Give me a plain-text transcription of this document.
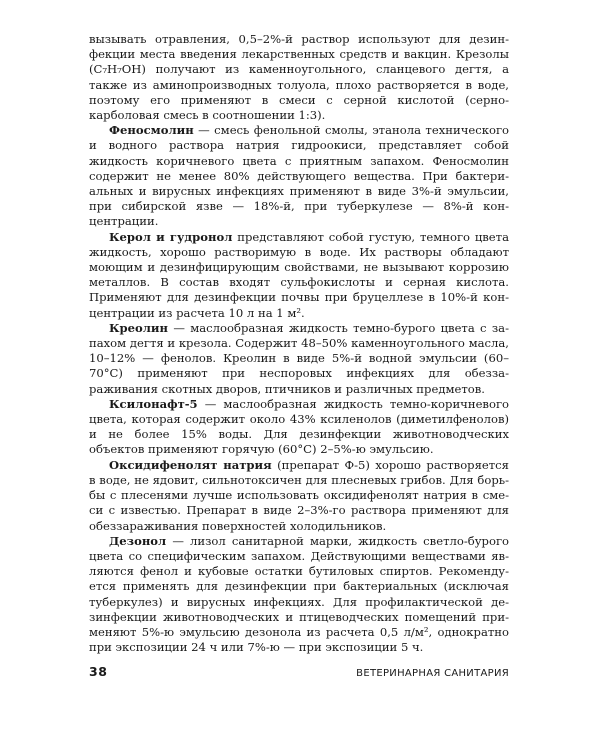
вызывать отравления, 0,5–2%-й раствор используют для дезинфекции места введения лекарственных средств и вакцин. Крезолы (C₇H₇OH) получают из каменноугольного, сланцевого дегтя, а также из аминопроизводных толуола, плохо растворяется в воде, поэтому его применяют в смеси с серной кислотой (серно-карболовая смесь в соотношении 1:3).

Феносмолин — смесь фенольной смолы, этанола технического и водного раствора натрия гидроокиси, представляет собой жидкость коричневого цвета с приятным запахом. Феносмолин содержит не менее 80% действующего вещества. При бактериальных и вирусных инфекциях применяют в виде 3%-й эмульсии, при сибирской язве — 18%-й, при туберкулезе — 8%-й концентрации.

Керол и гудронол представляют собой густую, темного цвета жидкость, хорошо растворимую в воде. Их растворы обладают моющим и дезинфицирующим свойствами, не вызывают коррозию металлов. В состав входят сульфокислоты и серная кислота. Применяют для дезинфекции почвы при бруцеллезе в 10%-й концентрации из расчета 10 л на 1 м².

Креолин — маслообразная жидкость темно-бурого цвета с запахом дегтя и крезола. Содержит 48–50% каменноугольного масла, 10–12% — фенолов. Креолин в виде 5%-й водной эмульсии (60–70°С) применяют при неспоровых инфекциях для обеззараживания скотных дворов, птичников и различных предметов.

Ксилонафт-5 — маслообразная жидкость темно-коричневого цвета, которая содержит около 43% ксиленолов (диметилфенолов) и не более 15% воды. Для дезинфекции животноводческих объектов применяют горячую (60°С) 2–5%-ю эмульсию.

Оксидифенолят натрия (препарат Ф-5) хорошо растворяется в воде, не ядовит, сильнотоксичен для плесневых грибов. Для борьбы с плесенями лучше использовать оксидифенолят натрия в смеси с известью. Препарат в виде 2–3%-го раствора применяют для обеззараживания поверхностей холодильников.

Дезонол — лизол санитарной марки, жидкость светло-бурого цвета со специфическим запахом. Действующими веществами являются фенол и кубовые остатки бутиловых спиртов. Рекомендуется применять для дезинфекции при бактериальных (исключая туберкулез) и вирусных инфекциях. Для профилактической дезинфекции животноводческих и птицеводческих помещений применяют 5%-ю эмульсию дезонола из расчета 0,5 л/м², однократно при экспозиции 24 ч или 7%-ю — при экспозиции 5 ч.

38	ВЕТЕРИНАРНАЯ САНИТАРИЯ
